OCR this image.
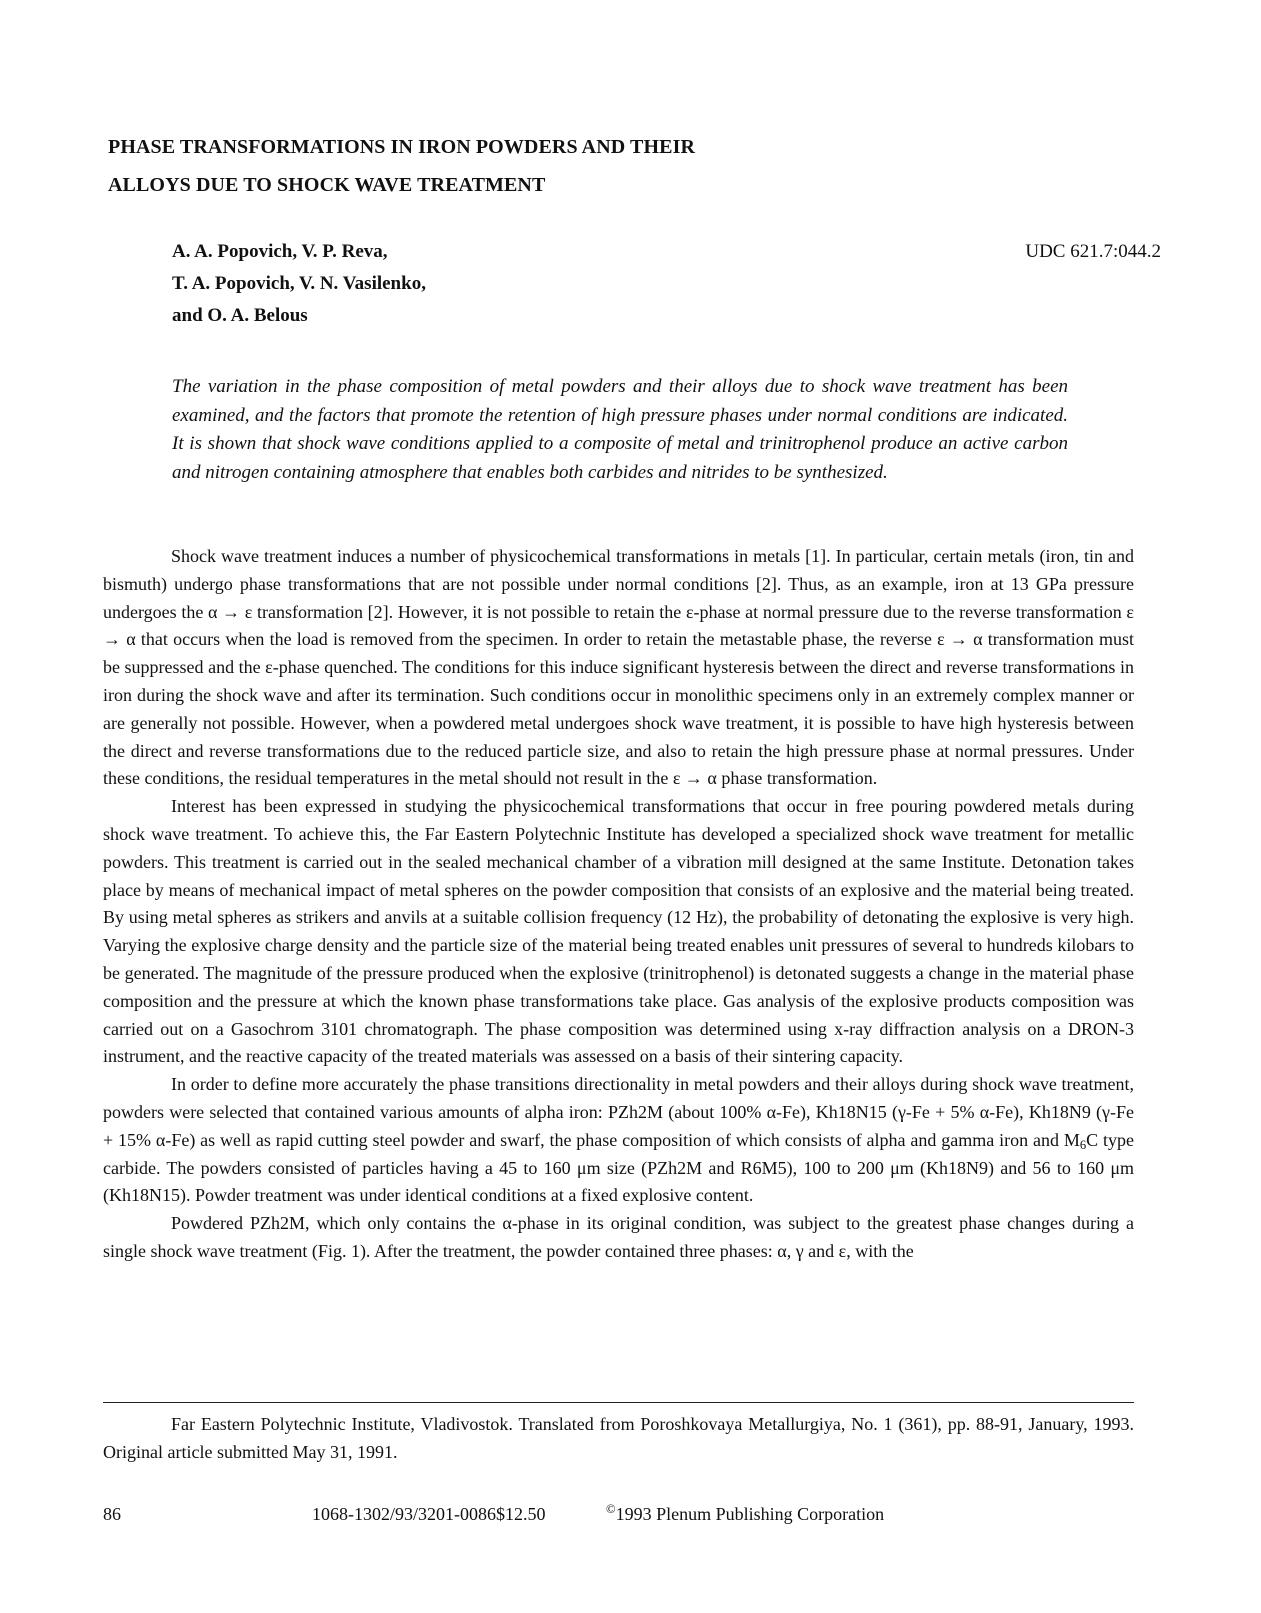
PHASE TRANSFORMATIONS IN IRON POWDERS AND THEIR
ALLOYS DUE TO SHOCK WAVE TREATMENT
A. A. Popovich, V. P. Reva,
T. A. Popovich, V. N. Vasilenko,
and O. A. Belous
UDC 621.7:044.2
The variation in the phase composition of metal powders and their alloys due to shock wave treatment has been examined, and the factors that promote the retention of high pressure phases under normal conditions are indicated. It is shown that shock wave conditions applied to a composite of metal and trinitrophenol produce an active carbon and nitrogen containing atmosphere that enables both carbides and nitrides to be synthesized.

Shock wave treatment induces a number of physicochemical transformations in metals [1]. In particular, certain metals (iron, tin and bismuth) undergo phase transformations that are not possible under normal conditions [2]. Thus, as an example, iron at 13 GPa pressure undergoes the α → ε transformation [2]. However, it is not possible to retain the ε-phase at normal pressure due to the reverse transformation ε → α that occurs when the load is removed from the specimen. In order to retain the metastable phase, the reverse ε → α transformation must be suppressed and the ε-phase quenched. The conditions for this induce significant hysteresis between the direct and reverse transformations in iron during the shock wave and after its termination. Such conditions occur in monolithic specimens only in an extremely complex manner or are generally not possible. However, when a powdered metal undergoes shock wave treatment, it is possible to have high hysteresis between the direct and reverse transformations due to the reduced particle size, and also to retain the high pressure phase at normal pressures. Under these conditions, the residual temperatures in the metal should not result in the ε → α phase transformation.

Interest has been expressed in studying the physicochemical transformations that occur in free pouring powdered metals during shock wave treatment. To achieve this, the Far Eastern Polytechnic Institute has developed a specialized shock wave treatment for metallic powders. This treatment is carried out in the sealed mechanical chamber of a vibration mill designed at the same Institute. Detonation takes place by means of mechanical impact of metal spheres on the powder composition that consists of an explosive and the material being treated. By using metal spheres as strikers and anvils at a suitable collision frequency (12 Hz), the probability of detonating the explosive is very high. Varying the explosive charge density and the particle size of the material being treated enables unit pressures of several to hundreds kilobars to be generated. The magnitude of the pressure produced when the explosive (trinitrophenol) is detonated suggests a change in the material phase composition and the pressure at which the known phase transformations take place. Gas analysis of the explosive products composition was carried out on a Gasochrom 3101 chromatograph. The phase composition was determined using x-ray diffraction analysis on a DRON-3 instrument, and the reactive capacity of the treated materials was assessed on a basis of their sintering capacity.

In order to define more accurately the phase transitions directionality in metal powders and their alloys during shock wave treatment, powders were selected that contained various amounts of alpha iron: PZh2M (about 100% α-Fe), Kh18N15 (γ-Fe + 5% α-Fe), Kh18N9 (γ-Fe + 15% α-Fe) as well as rapid cutting steel powder and swarf, the phase composition of which consists of alpha and gamma iron and $M_6C$ type carbide. The powders consisted of particles having a 45 to 160 μm size (PZh2M and R6M5), 100 to 200 μm (Kh18N9) and 56 to 160 μm (Kh18N15). Powder treatment was under identical conditions at a fixed explosive content.

Powdered PZh2M, which only contains the α-phase in its original condition, was subject to the greatest phase changes during a single shock wave treatment (Fig. 1). After the treatment, the powder contained three phases: α, γ and ε, with the

Far Eastern Polytechnic Institute, Vladivostok. Translated from Poroshkovaya Metallurgiya, No. 1 (361), pp. 88-91, January, 1993. Original article submitted May 31, 1991.

86	1068-1302/93/3201-0086$12.50	©1993 Plenum Publishing Corporation
